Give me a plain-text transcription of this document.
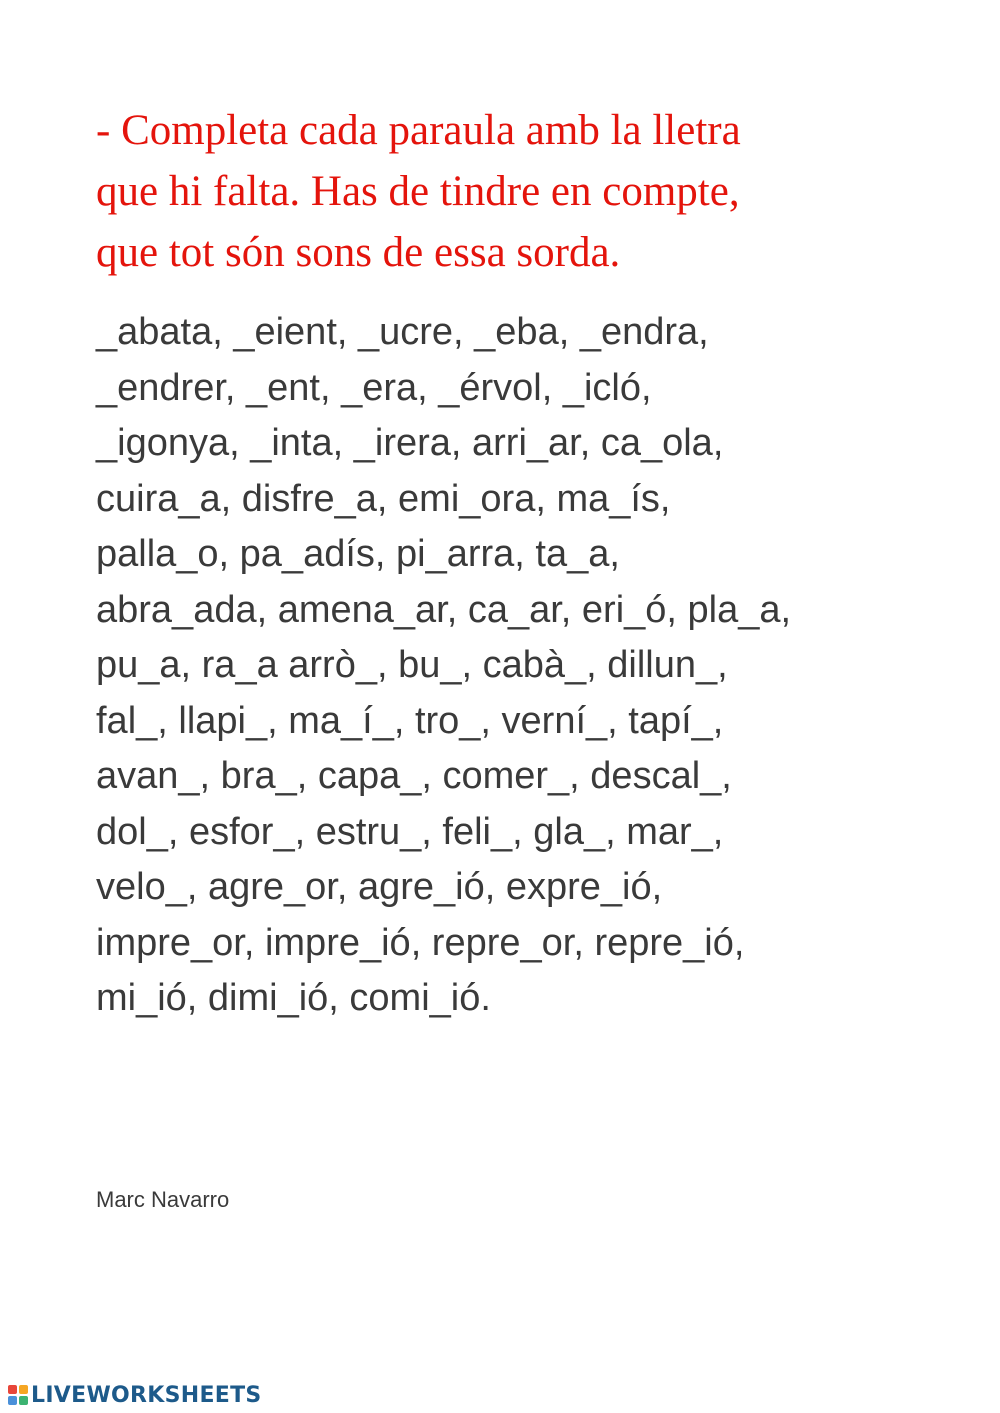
- Completa cada paraula amb la lletra
que hi falta. Has de tindre en compte,
que tot són sons de essa sorda.
_abata, _eient, _ucre, _eba, _endra,
_endrer, _ent, _era, _érvol, _icló,
_igonya, _inta, _irera, arri_ar, ca_ola,
cuira_a, disfre_a, emi_ora, ma_ís,
palla_o, pa_adís, pi_arra, ta_a,
abra_ada, amena_ar, ca_ar, eri_ó, pla_a,
pu_a, ra_a arrò_, bu_, cabà_, dillun_,
fal_, llapi_, ma_í_, tro_, verní_, tapí_,
avan_, bra_, capa_, comer_, descal_,
dol_, esfor_, estru_, feli_, gla_, mar_,
velo_, agre_or, agre_ió, expre_ió,
impre_or, impre_ió, repre_or, repre_ió,
mi_ió, dimi_ió, comi_ió.
Marc Navarro
LIVEWORKSHEETS
